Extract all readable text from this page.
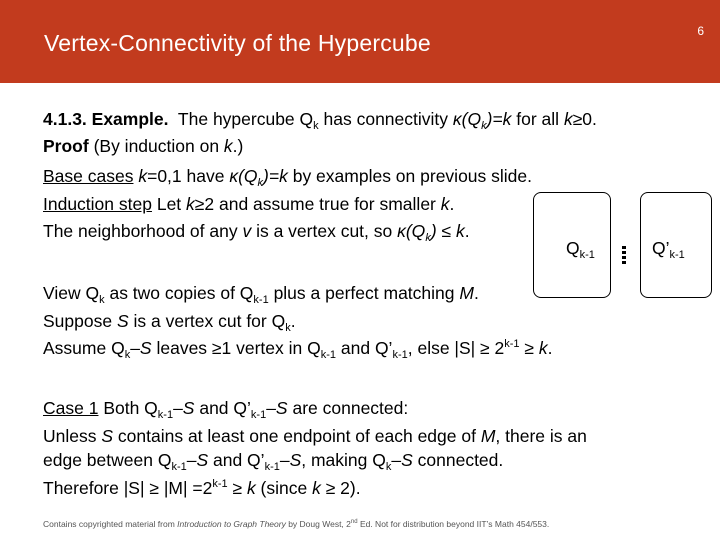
Vertex-Connectivity of the Hypercube	6
4.1.3. Example. The hypercube $Q_k$ has connectivity $\kappa(Q_k)=k$ for all k≥0.
Proof (By induction on k.)
Base cases k=0,1 have $\kappa(Q_k)=k$ by examples on previous slide.
Induction step Let k≥2 and assume true for smaller k.
The neighborhood of any v is a vertex cut, so $\kappa(Q_k) \le k$.
View $Q_k$ as two copies of $Q_{k-1}$ plus a perfect matching M.
Suppose S is a vertex cut for $Q_k$.
Assume $Q_k-S$ leaves ≥1 vertex in $Q_{k-1}$ and $Q’_{k-1}$, else $|S| \ge 2^{k-1} \ge k$.
Case 1 Both $Q_{k-1}-S$ and $Q’_{k-1}-S$ are connected:
Unless S contains at least one endpoint of each edge of M, there is an
edge between $Q_{k-1}-S$ and $Q’_{k-1}-S$, making $Q_k-S$ connected.
Therefore $|S| \ge |M| =2^{k-1} \ge k$ (since k ≥ 2).
$Q_{k-1}$	$Q’_{k-1}$
Contains copyrighted material from Introduction to Graph Theory by Doug West, 2nd Ed. Not for distribution beyond IIT’s Math 454/553.
